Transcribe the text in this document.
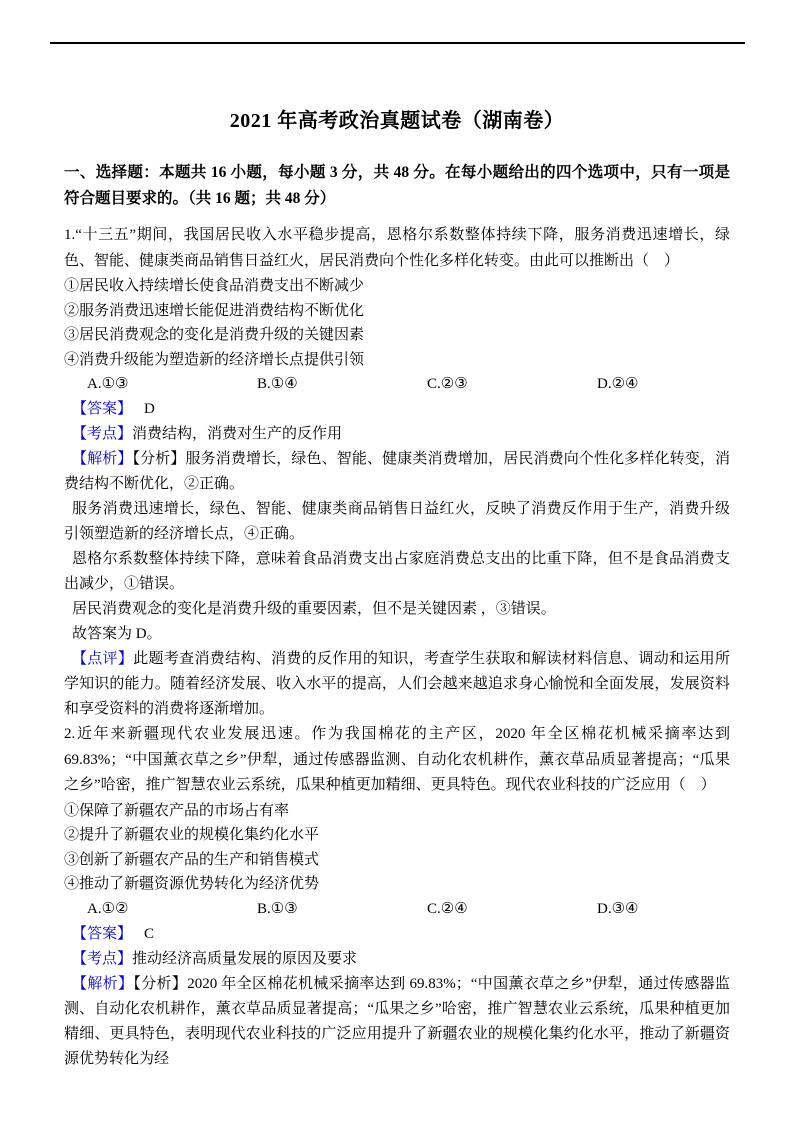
2021 年高考政治真题试卷（湖南卷）
一、选择题：本题共 16 小题，每小题 3 分，共 48 分。在每小题给出的四个选项中，只有一项是符合题目要求的。（共 16 题；共 48 分）
1.“十三五”期间，我国居民收入水平稳步提高，恩格尔系数整体持续下降，服务消费迅速增长，绿色、智能、健康类商品销售日益红火，居民消费向个性化多样化转变。由此可以推断出（　）
①居民收入持续增长使食品消费支出不断减少
②服务消费迅速增长能促进消费结构不断优化
③居民消费观念的变化是消费升级的关键因素
④消费升级能为塑造新的经济增长点提供引领
A.①③	B.①④	C.②③	D.②④
【答案】 D
【考点】消费结构，消费对生产的反作用
【解析】【分析】服务消费增长，绿色、智能、健康类消费增加，居民消费向个性化多样化转变，消费结构不断优化，②正确。
服务消费迅速增长，绿色、智能、健康类商品销售日益红火，反映了消费反作用于生产，消费升级引领塑造新的经济增长点，④正确。
恩格尔系数整体持续下降，意味着食品消费支出占家庭消费总支出的比重下降，但不是食品消费支出减少，①错误。
居民消费观念的变化是消费升级的重要因素，但不是关键因素 ，③错误。
故答案为 D。
【点评】此题考查消费结构、消费的反作用的知识，考查学生获取和解读材料信息、调动和运用所学知识的能力。随着经济发展、收入水平的提高，人们会越来越追求身心愉悦和全面发展，发展资料和享受资料的消费将逐渐增加。
2.近年来新疆现代农业发展迅速。作为我国棉花的主产区，2020 年全区棉花机械采摘率达到 69.83%；“中国薰衣草之乡”伊犁，通过传感器监测、自动化农机耕作，薰衣草品质显著提高；“瓜果之乡”哈密，推广智慧农业云系统，瓜果种植更加精细、更具特色。现代农业科技的广泛应用（　）
①保障了新疆农产品的市场占有率
②提升了新疆农业的规模化集约化水平
③创新了新疆农产品的生产和销售模式
④推动了新疆资源优势转化为经济优势
A.①②	B.①③	C.②④	D.③④
【答案】 C
【考点】推动经济高质量发展的原因及要求
【解析】【分析】2020 年全区棉花机械采摘率达到 69.83%；“中国薰衣草之乡”伊犁，通过传感器监测、自动化农机耕作，薰衣草品质显著提高；“瓜果之乡”哈密，推广智慧农业云系统，瓜果种植更加精细、更具特色，表明现代农业科技的广泛应用提升了新疆农业的规模化集约化水平，推动了新疆资源优势转化为经
